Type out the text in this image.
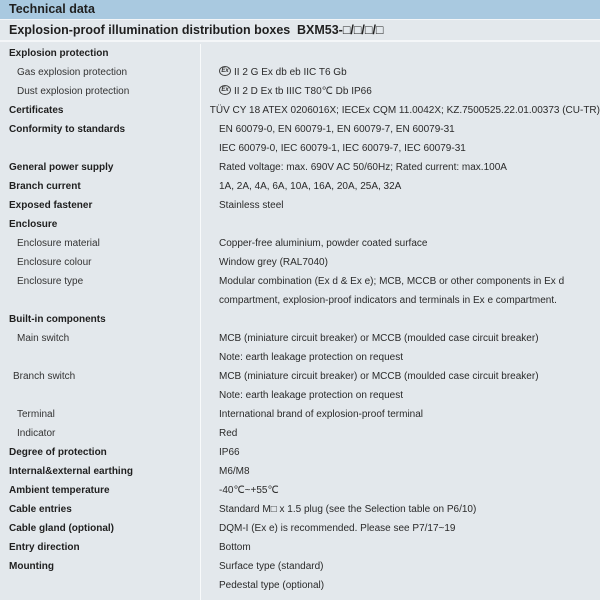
Technical data
Explosion-proof illumination distribution boxes BXM53-□/□/□/□
Explosion protection
Gas explosion protection	Ex II 2 G Ex db eb IIC T6 Gb
Dust explosion protection	Ex II 2 D Ex tb IIIC T80℃ Db IP66
Certificates	TÜV CY 18 ATEX 0206016X; IECEx CQM 11.0042X; KZ.7500525.22.01.00373 (CU-TR)
Conformity to standards	EN 60079-0, EN 60079-1, EN 60079-7, EN 60079-31
IEC 60079-0, IEC 60079-1, IEC 60079-7, IEC 60079-31
General power supply	Rated voltage: max. 690V AC 50/60Hz; Rated current: max.100A
Branch current	1A, 2A, 4A, 6A, 10A, 16A, 20A, 25A, 32A
Exposed fastener	Stainless steel
Enclosure
Enclosure material	Copper-free aluminium, powder coated surface
Enclosure colour	Window grey (RAL7040)
Enclosure type	Modular combination (Ex d & Ex e); MCB, MCCB or other components in Ex d
compartment, explosion-proof indicators and terminals in Ex e compartment.
Built-in components
Main switch	MCB (miniature circuit breaker) or MCCB (moulded case circuit breaker)
Note: earth leakage protection on request
Branch switch	MCB (miniature circuit breaker) or MCCB (moulded case circuit breaker)
Note: earth leakage protection on request
Terminal	International brand of explosion-proof terminal
Indicator	Red
Degree of protection	IP66
Internal&external earthing	M6/M8
Ambient temperature	-40℃~+55℃
Cable entries	Standard M□ x 1.5 plug (see the Selection table on P6/10)
Cable gland (optional)	DQM-I (Ex e) is recommended. Please see P7/17~19
Entry direction	Bottom
Mounting	Surface type (standard)
Pedestal type (optional)
